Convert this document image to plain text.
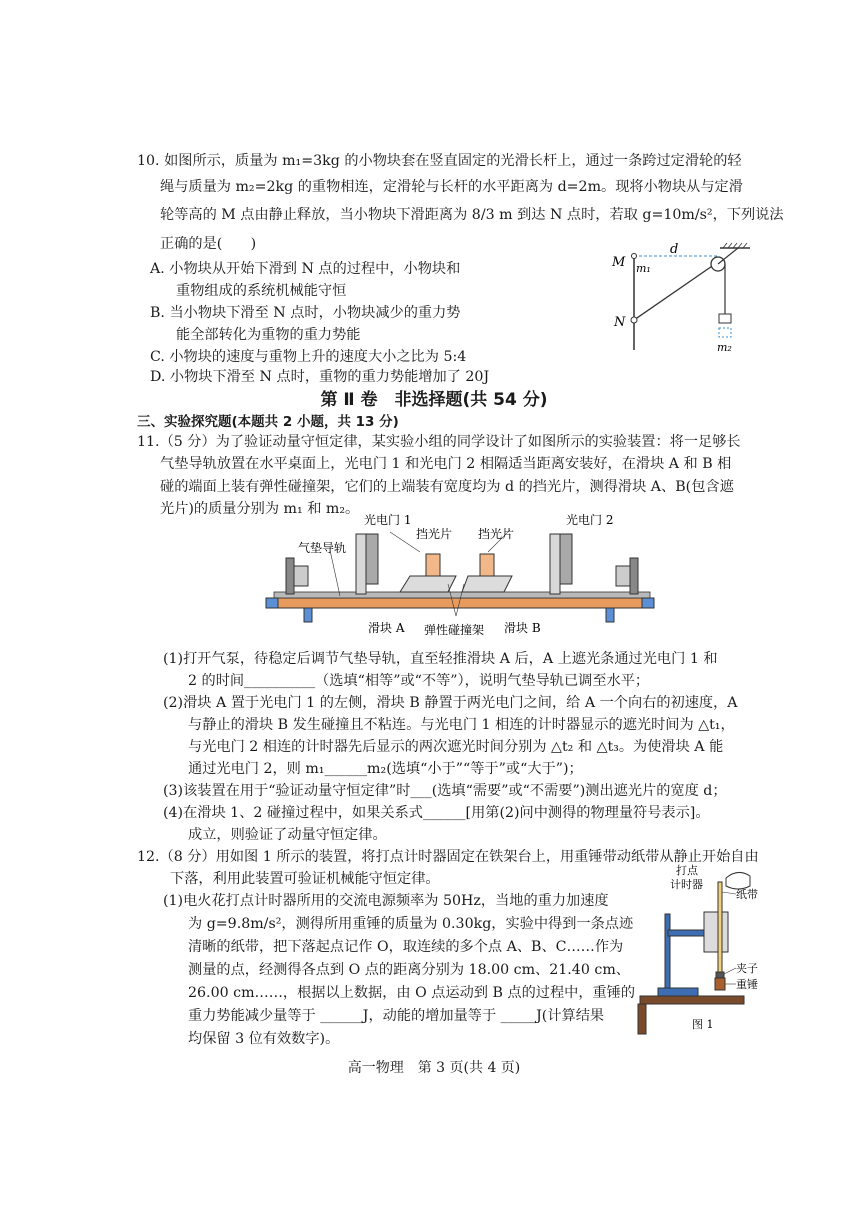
10. 如图所示，质量为 m₁=3kg 的小物块套在竖直固定的光滑长杆上，通过一条跨过定滑轮的轻
绳与质量为 m₂=2kg 的重物相连，定滑轮与长杆的水平距离为 d=2m。现将小物块从与定滑
轮等高的 M 点由静止释放，当小物块下滑距离为 8/3 m 到达 N 点时，若取 g=10m/s²，下列说法
正确的是(　　)
A. 小物块从开始下滑到 N 点的过程中，小物块和
重物组成的系统机械能守恒
B. 当小物块下滑至 N 点时，小物块减少的重力势
能全部转化为重物的重力势能
C. 小物块的速度与重物上升的速度大小之比为 5:4
D. 小物块下滑至 N 点时，重物的重力势能增加了 20J
M m₁
d
N
m₂
第 Ⅱ 卷　非选择题(共 54 分)
三、实验探究题(本题共 2 小题，共 13 分)
11.（5 分）为了验证动量守恒定律，某实验小组的同学设计了如图所示的实验装置：将一足够长
气垫导轨放置在水平桌面上，光电门 1 和光电门 2 相隔适当距离安装好，在滑块 A 和 B 相
碰的端面上装有弹性碰撞架，它们的上端装有宽度均为 d 的挡光片，测得滑块 A、B(包含遮
光片)的质量分别为 m₁ 和 m₂。
气垫导轨
光电门 1	光电门 2
挡光片 挡光片
滑块 A 弹性碰撞架 滑块 B
(1)打开气泵，待稳定后调节气垫导轨，直至轻推滑块 A 后，A 上遮光条通过光电门 1 和
2 的时间__________（选填“相等”或“不等”），说明气垫导轨已调至水平；
(2)滑块 A 置于光电门 1 的左侧，滑块 B 静置于两光电门之间，给 A 一个向右的初速度，A
与静止的滑块 B 发生碰撞且不粘连。与光电门 1 相连的计时器显示的遮光时间为 △t₁，
与光电门 2 相连的计时器先后显示的两次遮光时间分别为 △t₂ 和 △t₃。为使滑块 A 能
通过光电门 2，则 m₁______m₂(选填“小于”“等于”或“大于”)；
(3)该装置在用于“验证动量守恒定律”时___(选填“需要”或“不需要”)测出遮光片的宽度 d；
(4)在滑块 1、2 碰撞过程中，如果关系式______[用第(2)问中测得的物理量符号表示]。
成立，则验证了动量守恒定律。
12.（8 分）用如图 1 所示的装置，将打点计时器固定在铁架台上，用重锤带动纸带从静止开始自由
下落，利用此装置可验证机械能守恒定律。
(1)电火花打点计时器所用的交流电源频率为 50Hz，当地的重力加速度
为 g=9.8m/s²，测得所用重锤的质量为 0.30kg，实验中得到一条点迹
清晰的纸带，把下落起点记作 O，取连续的多个点 A、B、C……作为
测量的点，经测得各点到 O 点的距离分别为 18.00 cm、21.40 cm、
26.00 cm……，根据以上数据，由 O 点运动到 B 点的过程中，重锤的
重力势能减少量等于 ______J，动能的增加量等于 _____J(计算结果
均保留 3 位有效数字)。
打点
计时器
纸带
夹子
重锤
图 1
高一物理　第 3 页(共 4 页)
